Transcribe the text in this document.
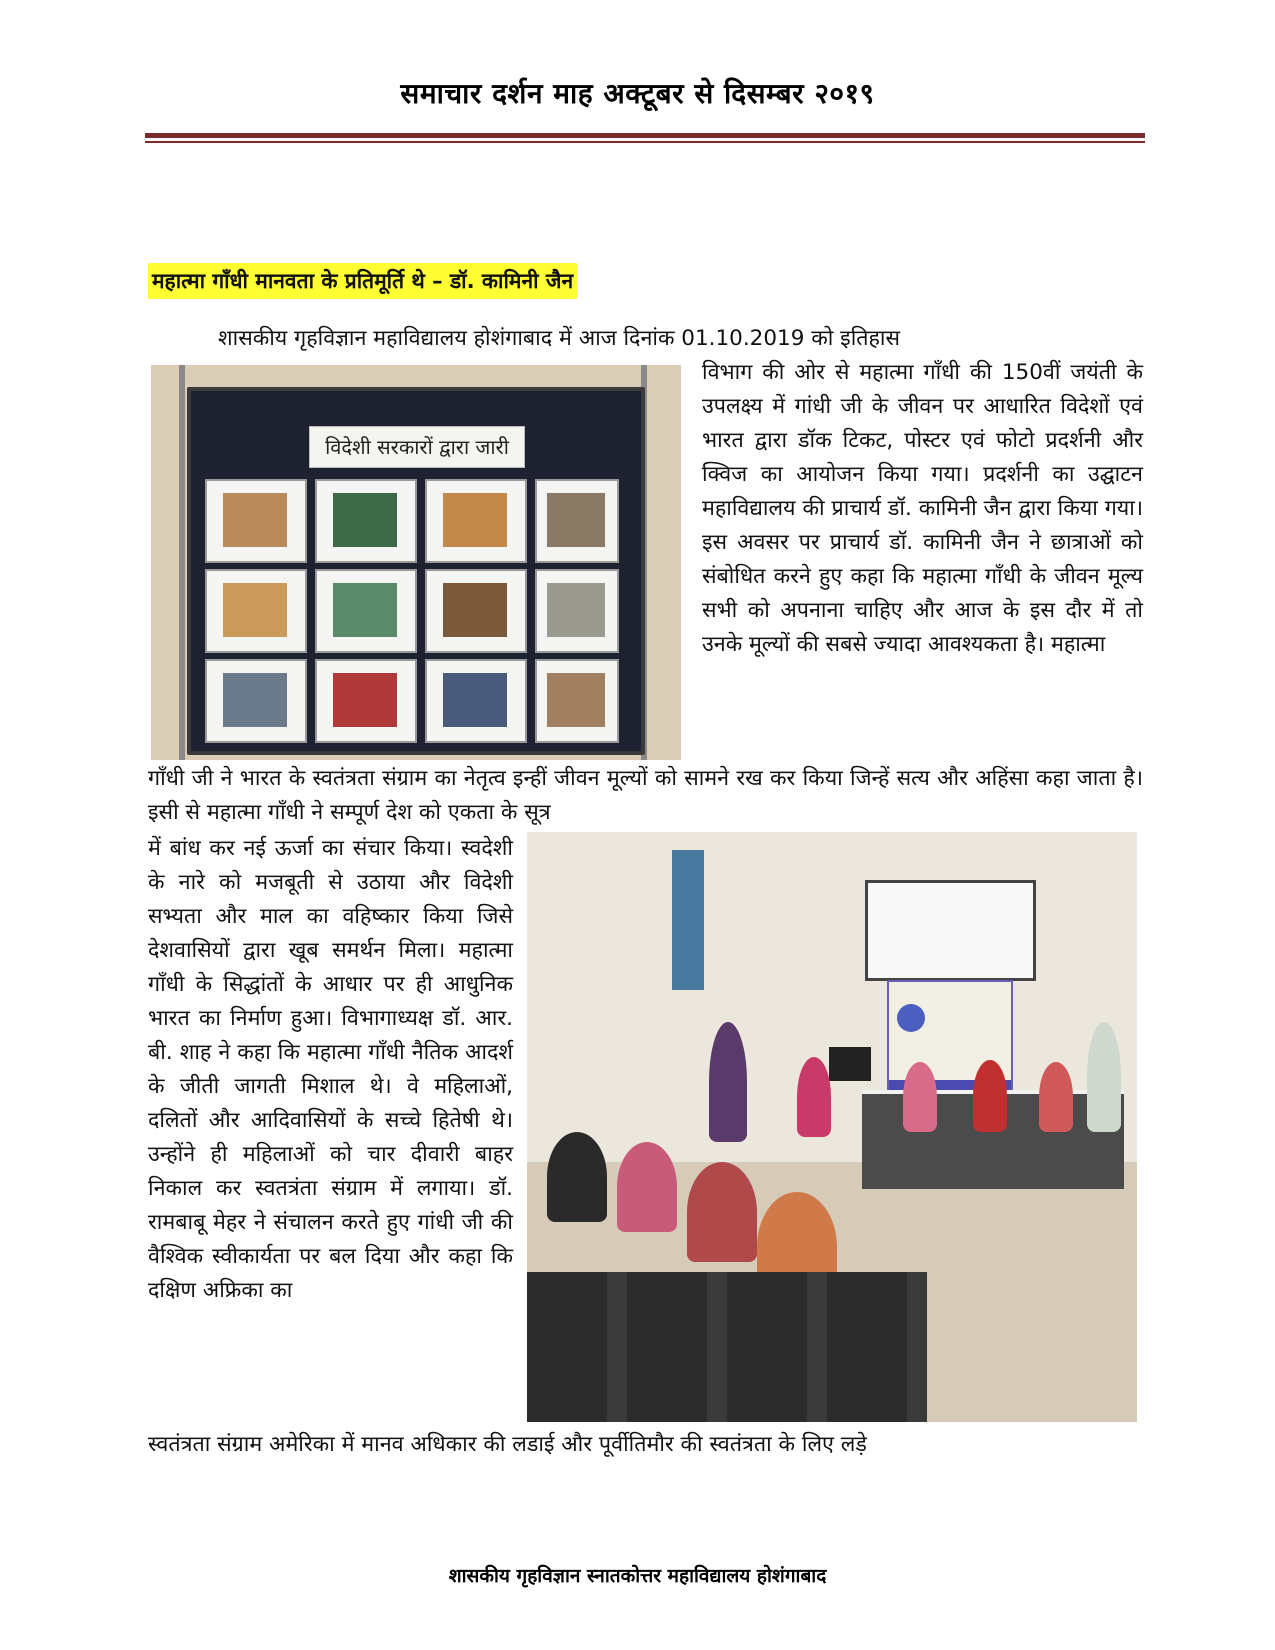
समाचार दर्शन माह अक्टूबर से दिसम्बर २०१९
महात्मा गाँधी मानवता के प्रतिमूर्ति थे – डॉ. कामिनी जैन

शासकीय गृहविज्ञान महाविद्यालय होशंगाबाद में आज दिनांक 01.10.2019 को इतिहास

विदेशी सरकारों द्वारा जारी

विभाग की ओर से महात्मा गाँधी की 150वीं जयंती के उपलक्ष्य में गांधी जी के जीवन पर आधारित विदेशों एवं भारत द्वारा डॉक टिकट, पोस्टर एवं फोटो प्रदर्शनी और क्विज का आयोजन किया गया। प्रदर्शनी का उद्घाटन महाविद्यालय की प्राचार्य डॉ. कामिनी जैन द्वारा किया गया। इस अवसर पर प्राचार्य डॉ. कामिनी जैन ने छात्राओं को संबोधित करने हुए कहा कि महात्मा गाँधी के जीवन मूल्य सभी को अपनाना चाहिए और आज के इस दौर में तो उनके मूल्यों की सबसे ज्यादा आवश्यकता है। महात्मा

गाँधी जी ने भारत के स्वतंत्रता संग्राम का नेतृत्व इन्हीं जीवन मूल्यों को सामने रख कर किया जिन्हें सत्य और अहिंसा कहा जाता है। इसी से महात्मा गाँधी ने सम्पूर्ण देश को एकता के सूत्र

में बांध कर नई ऊर्जा का संचार किया। स्वदेशी के नारे को मजबूती से उठाया और विदेशी सभ्यता और माल का वहिष्कार किया जिसे देशवासियों द्वारा खूब समर्थन मिला। महात्मा गाँधी के सिद्धांतों के आधार पर ही आधुनिक भारत का निर्माण हुआ। विभागाध्यक्ष डॉ. आर. बी. शाह ने कहा कि महात्मा गाँधी नैतिक आदर्श के जीती जागती मिशाल थे। वे महिलाओं, दलितों और आदिवासियों के सच्चे हितेषी थे। उन्होंने ही महिलाओं को चार दीवारी बाहर निकाल कर स्वतत्रंता संग्राम में लगाया। डॉ. रामबाबू मेहर ने संचालन करते हुए गांधी जी की वैश्विक स्वीकार्यता पर बल दिया और कहा कि दक्षिण अफ्रिका का

स्वतंत्रता संग्राम अमेरिका में मानव अधिकार की लडाई और पूर्वीतिमौर की स्वतंत्रता के लिए लड़े

शासकीय गृहविज्ञान स्नातकोत्तर महाविद्यालय होशंगाबाद
